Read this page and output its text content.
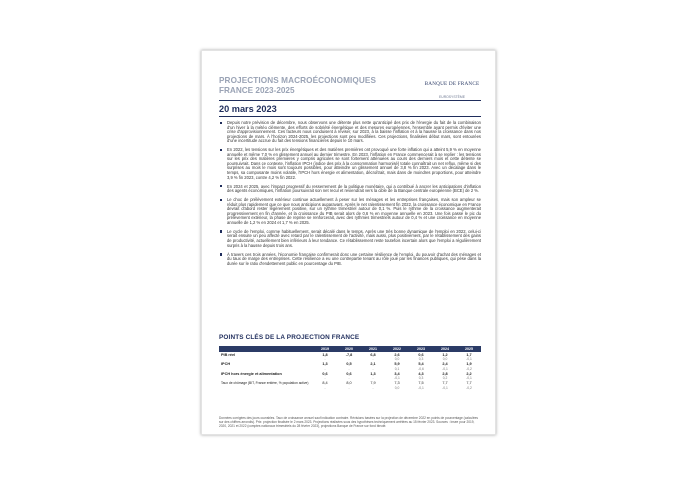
PROJECTIONS MACROÉCONOMIQUES
FRANCE 2023-2025
BANQUE DE FRANCE
EUROSYSTÈME
20 mars 2023
Depuis notre prévision de décembre, nous observons une détente plus nette qu'anticipé des prix de l'énergie du fait de la combinaison d'un hiver à la météo clémente, des efforts de sobriété énergétique et des mesures européennes, l'ensemble ayant permis d'éviter une crise d'approvisionnement. Ces facteurs nous conduisent à réviser, sur 2023, à la baisse l'inflation et à la hausse la croissance dans nos projections de mars. À l'horizon 2024-2025, les projections sont peu modifiées. Ces projections, finalisées début mars, sont entourées d'une incertitude accrue du fait des tensions financières depuis le 10 mars.
En 2022, les tensions sur les prix énergétiques et des matières premières ont provoqué une forte inflation qui a atteint 5,9 % en moyenne annuelle et même 7,0 % en glissement annuel au dernier trimestre. En 2023, l'inflation en France commencerait à se replier : les tensions sur les prix des matières premières y compris agricoles se sont fortement atténuées au cours des derniers mois et cette détente se poursuivrait. Dans ce contexte, l'inflation IPCH (indice des prix à la consommation harmonisé) totale connaîtrait un net reflux, même si des surprises au mois le mois sont toujours possibles, pour atteindre un glissement annuel de 3,8 % fin 2023. Avec un décalage dans le temps, sa composante moins volatile, l'IPCH hors énergie et alimentation, décroîtrait, mais dans de moindres proportions, pour atteindre 3,9 % fin 2023, contre 4,2 % fin 2022.
En 2024 et 2025, avec l'impact progressif du resserrement de la politique monétaire, qui a contribué à ancrer les anticipations d'inflation des agents économiques, l'inflation poursuivrait son net recul et reviendrait vers la cible de la Banque centrale européenne (BCE) de 2 %.
Le choc de prélèvement extérieur continue actuellement à peser sur les ménages et les entreprises françaises, mais son ampleur se réduit plus rapidement que ce que nous anticipions auparavant. Après le net ralentissement fin 2022, la croissance économique en France devrait d'abord rester légèrement positive, sur un rythme trimestriel autour de 0,1 %. Puis le rythme de la croissance augmenterait progressivement en fin d'année, et la croissance du PIB serait alors de 0,6 % en moyenne annuelle en 2023. Une fois passé le pic du prélèvement extérieur, la phase de reprise se renforcerait, avec des rythmes trimestriels autour de 0,4 % et une croissance en moyenne annuelle de 1,2 % en 2024 et 1,7 % en 2025.
Le cycle de l'emploi, comme habituellement, serait décalé dans le temps. Après une très bonne dynamique de l'emploi en 2022, celui-ci serait ensuite un peu affecté avec retard par le ralentissement de l'activité, mais aussi, plus positivement, par le rétablissement des gains de productivité, actuellement bien inférieurs à leur tendance. Ce rétablissement reste toutefois incertain alors que l'emploi a régulièrement surpris à la hausse depuis trois ans.
À travers ces trois années, l'économie française confirmerait donc une certaine résilience de l'emploi, du pouvoir d'achat des ménages et du taux de marge des entreprises. Cette résilience a eu une contrepartie tenant au rôle joué par les finances publiques, qui pèse dans la durée sur le ratio d'endettement public en pourcentage du PIB.
POINTS CLÉS DE LA PROJECTION FRANCE
	2019	2020	2021	2022	2023	2024	2025
PIB réel	1,8	-7,8	6,8	2,6	0,6	1,2	1,7
	-	-	-	0,0	0,3	0,0	-0,1
IPCH	1,3	0,5	2,1	5,9	5,4	2,4	1,9
	-	-	-	0,1	-0,6	-0,1	-0,2
IPCH hors énergie et alimentation	0,6	0,6	1,3	3,4	4,3	2,8	2,2
	-	-	-	-0,1	0,3	0,2	-0,1
Taux de chômage (BIT, France entière, % population active)	8,4	8,0	7,9	7,3	7,5	7,7	7,7
	-	-	-	0,0	-0,1	-0,1	-0,2
Données corrigées des jours ouvrables. Taux de croissance annuel sauf indication contraire. Révisions basées sur la projection de décembre 2022 en points de pourcentage (calculées sur des chiffres arrondis). Prix: projection finalisée le 2 mars 2023. Projections réalisées sous des hypothèses techniquement arrêtées au 15 février 2023. Sources : Insee pour 2019, 2020, 2021 et 2022 (comptes nationaux trimestriels du 28 février 2023), projections Banque de France sur fond bleuté.
